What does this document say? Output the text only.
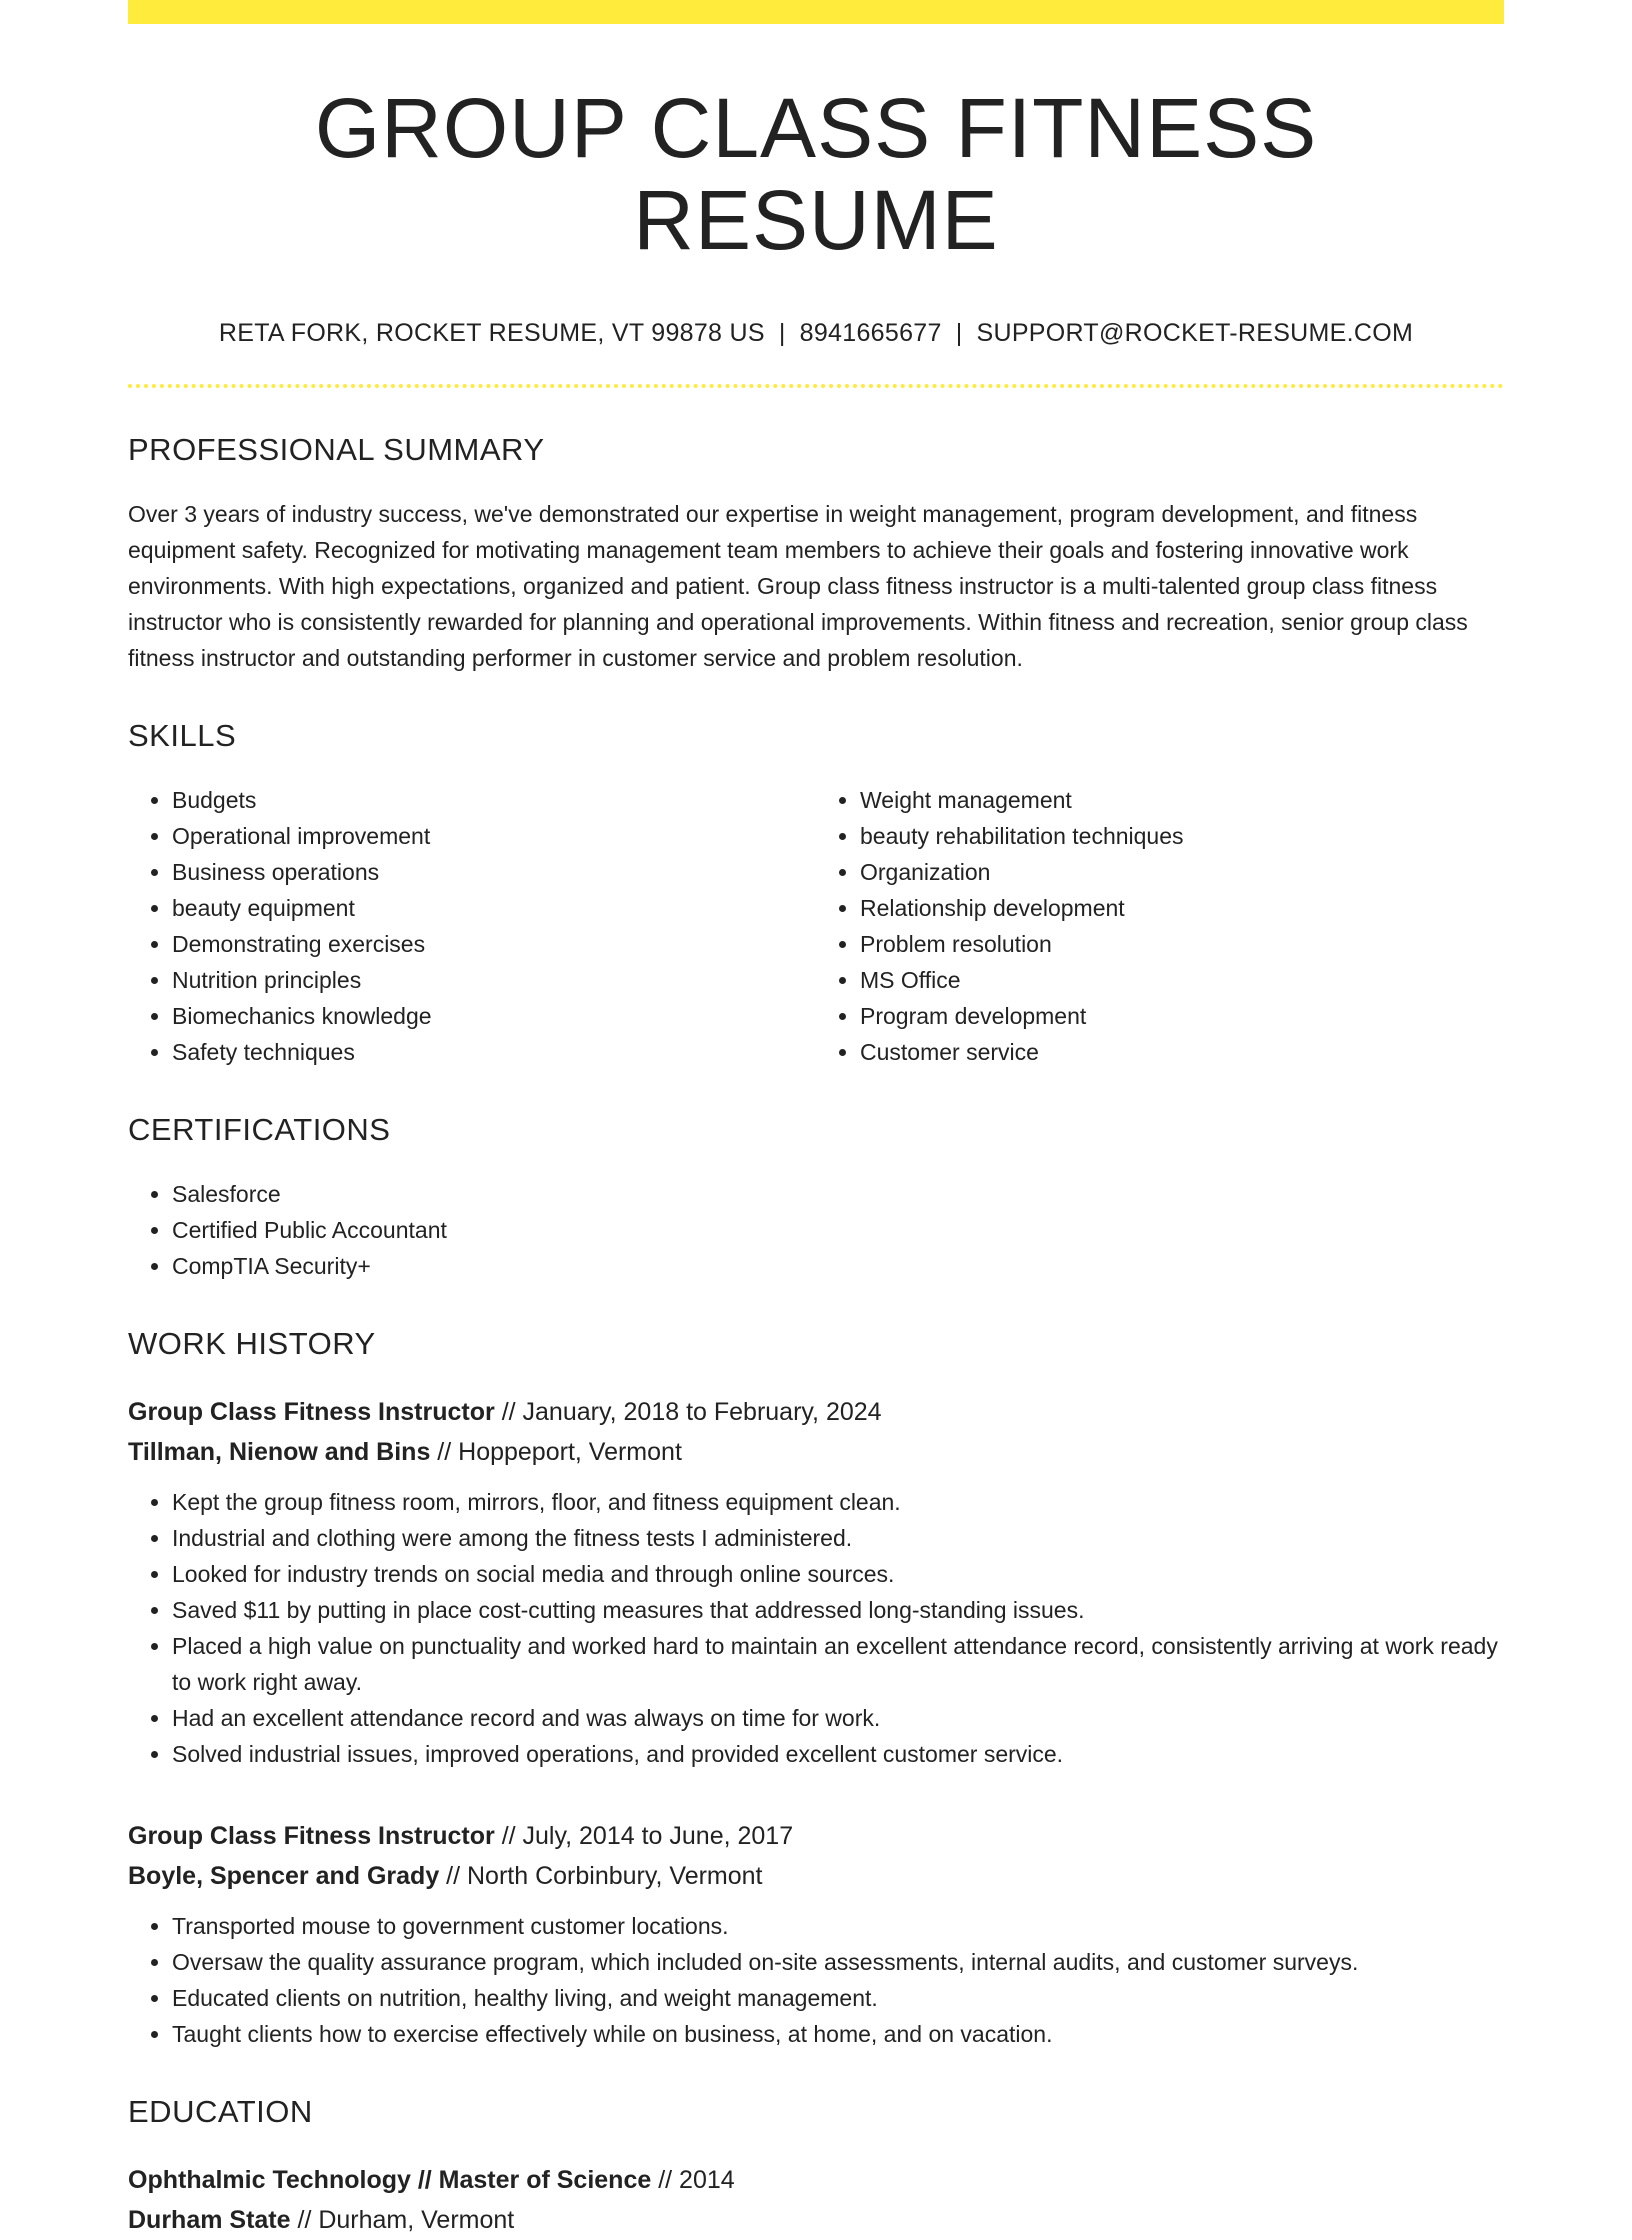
GROUP CLASS FITNESS RESUME
RETA FORK, ROCKET RESUME, VT 99878 US | 8941665677 | SUPPORT@ROCKET-RESUME.COM
PROFESSIONAL SUMMARY

Over 3 years of industry success, we've demonstrated our expertise in weight management, program development, and fitness equipment safety. Recognized for motivating management team members to achieve their goals and fostering innovative work environments. With high expectations, organized and patient. Group class fitness instructor is a multi-talented group class fitness instructor who is consistently rewarded for planning and operational improvements. Within fitness and recreation, senior group class fitness instructor and outstanding performer in customer service and problem resolution.

SKILLS
• Budgets
• Operational improvement
• Business operations
• beauty equipment
• Demonstrating exercises
• Nutrition principles
• Biomechanics knowledge
• Safety techniques
• Weight management
• beauty rehabilitation techniques
• Organization
• Relationship development
• Problem resolution
• MS Office
• Program development
• Customer service
CERTIFICATIONS
• Salesforce
• Certified Public Accountant
• CompTIA Security+
WORK HISTORY
Group Class Fitness Instructor // January, 2018 to February, 2024
Tillman, Nienow and Bins // Hoppeport, Vermont
• Kept the group fitness room, mirrors, floor, and fitness equipment clean.
• Industrial and clothing were among the fitness tests I administered.
• Looked for industry trends on social media and through online sources.
• Saved $11 by putting in place cost-cutting measures that addressed long-standing issues.
• Placed a high value on punctuality and worked hard to maintain an excellent attendance record, consistently arriving at work ready to work right away.
• Had an excellent attendance record and was always on time for work.
• Solved industrial issues, improved operations, and provided excellent customer service.
Group Class Fitness Instructor // July, 2014 to June, 2017
Boyle, Spencer and Grady // North Corbinbury, Vermont
• Transported mouse to government customer locations.
• Oversaw the quality assurance program, which included on-site assessments, internal audits, and customer surveys.
• Educated clients on nutrition, healthy living, and weight management.
• Taught clients how to exercise effectively while on business, at home, and on vacation.
EDUCATION
Ophthalmic Technology // Master of Science // 2014
Durham State // Durham, Vermont
